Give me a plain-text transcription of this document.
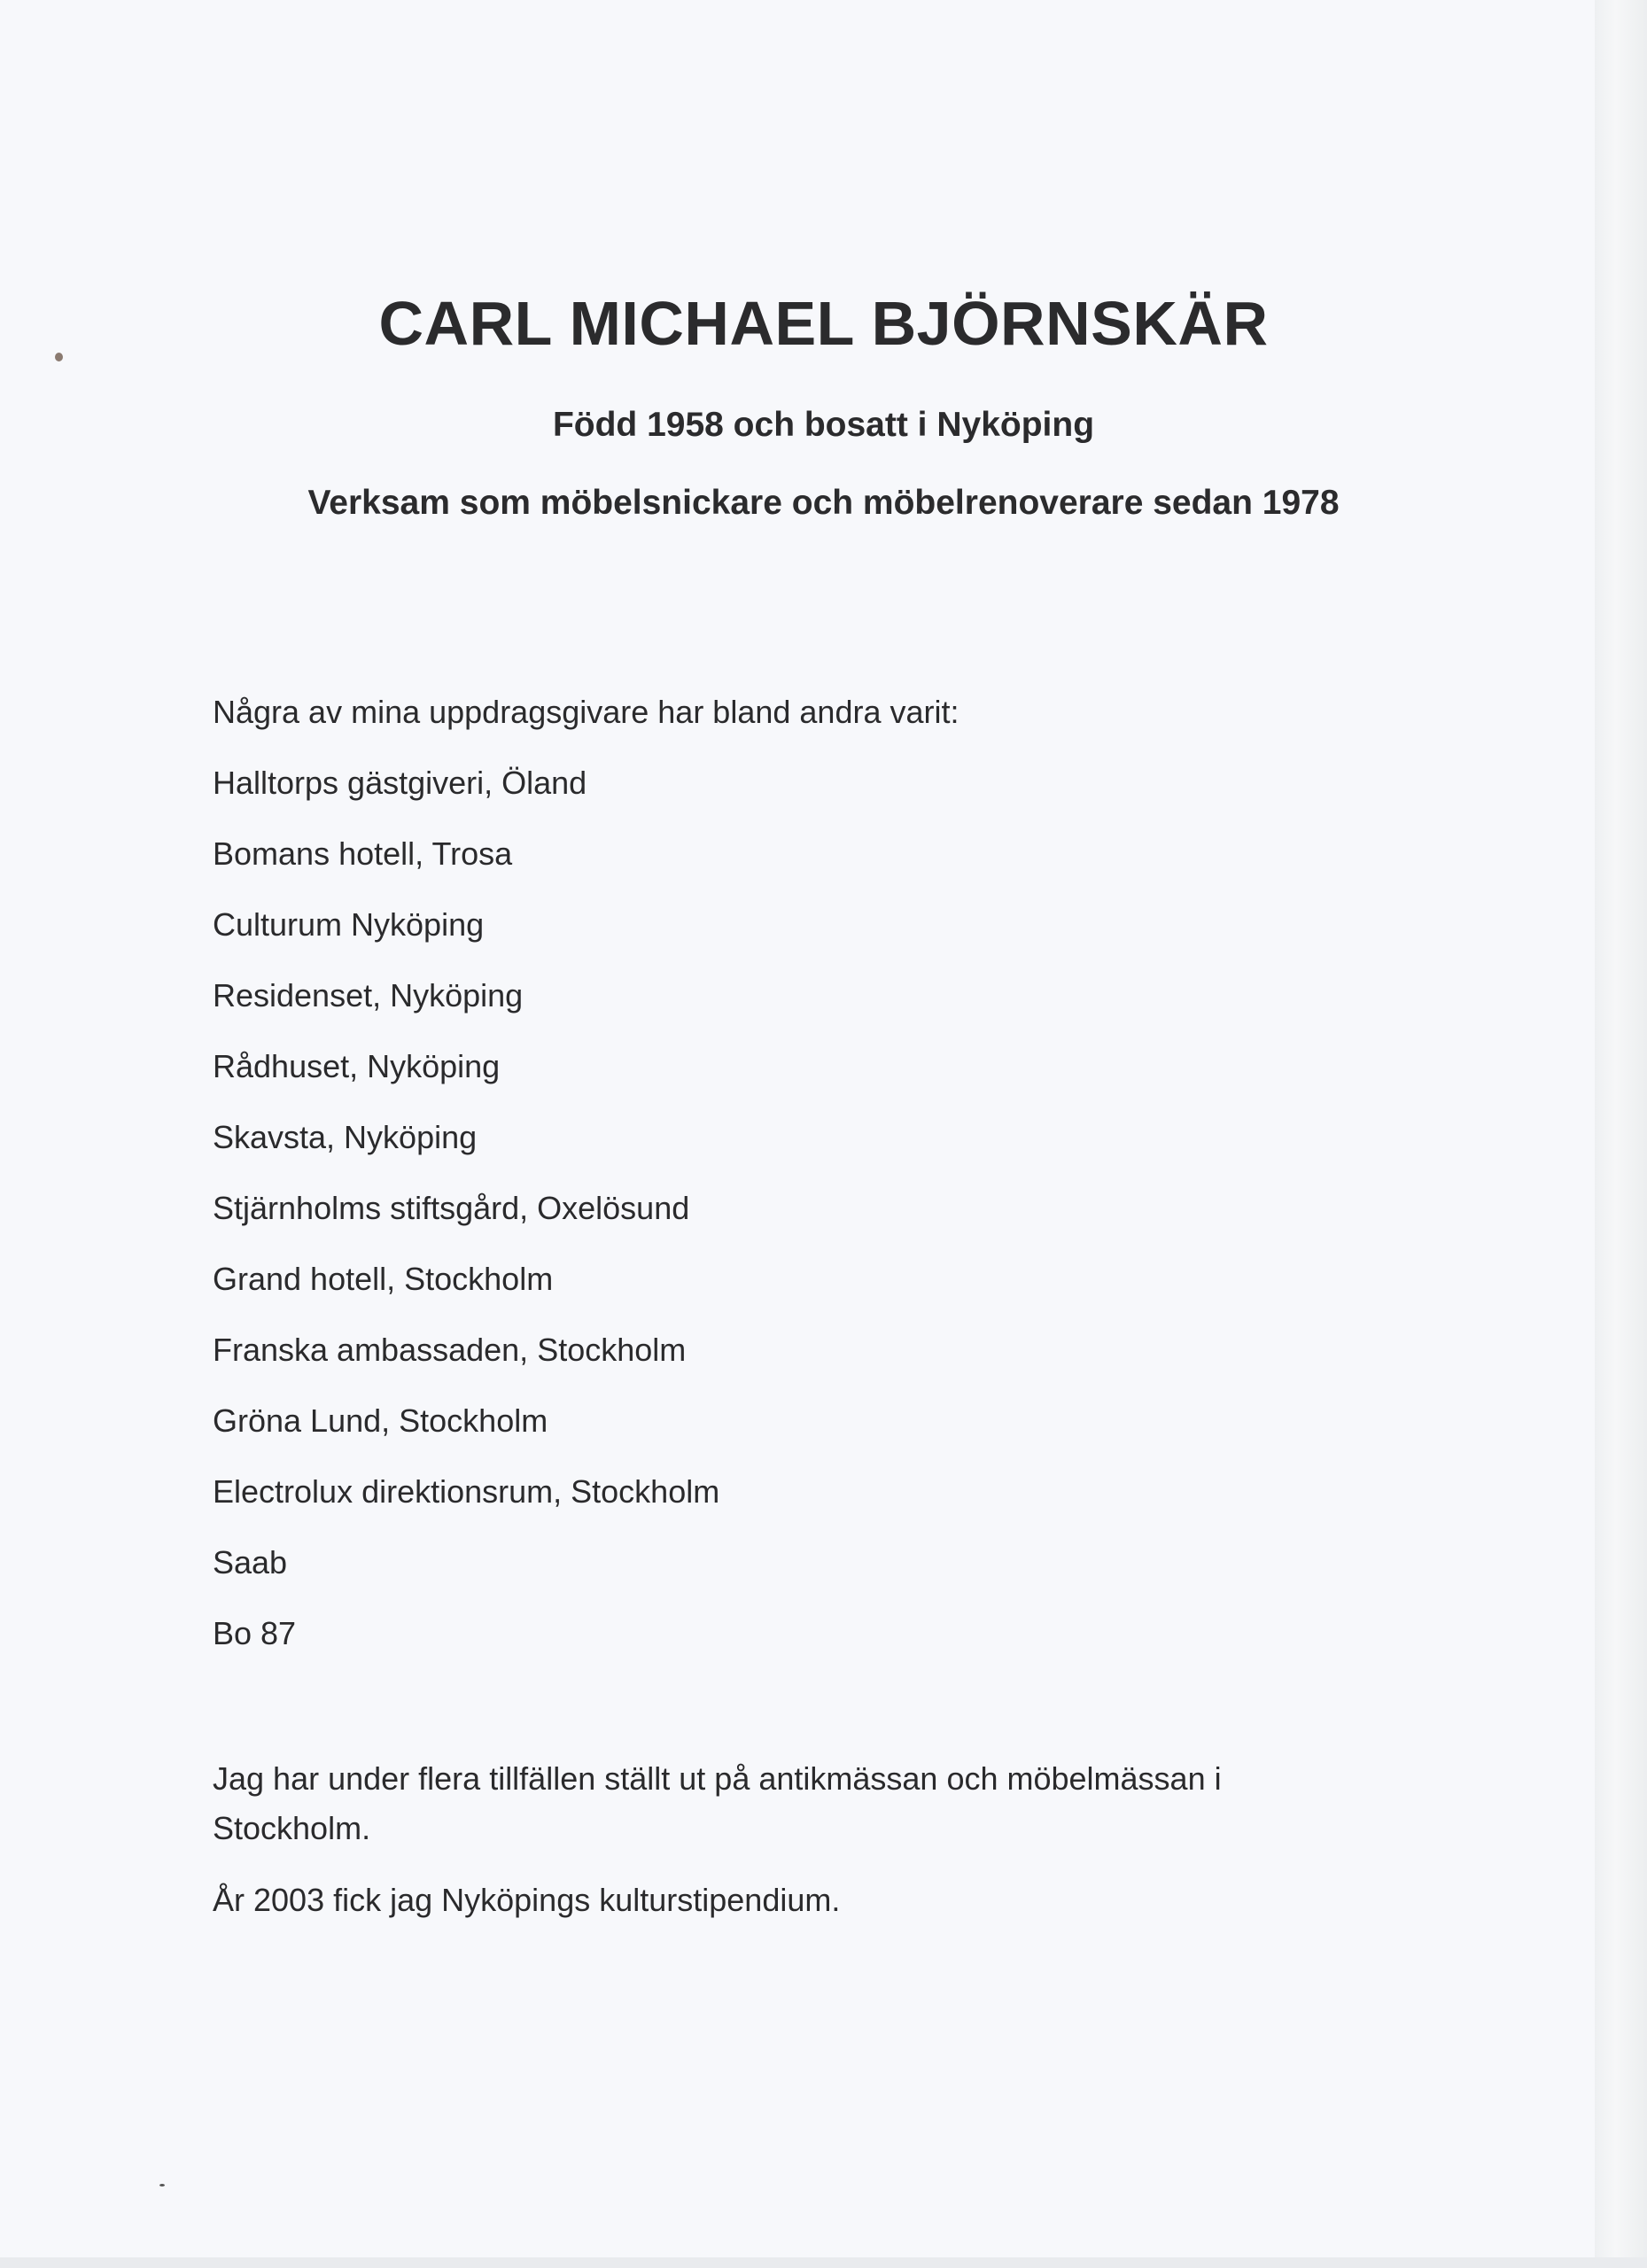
CARL MICHAEL BJÖRNSKÄR
Född 1958 och bosatt i Nyköping
Verksam som möbelsnickare och möbelrenoverare sedan 1978
Några av mina uppdragsgivare har bland andra varit:
Halltorps gästgiveri, Öland
Bomans hotell, Trosa
Culturum Nyköping
Residenset, Nyköping
Rådhuset, Nyköping
Skavsta, Nyköping
Stjärnholms stiftsgård, Oxelösund
Grand hotell, Stockholm
Franska ambassaden, Stockholm
Gröna Lund, Stockholm
Electrolux direktionsrum, Stockholm
Saab
Bo 87
Jag har under flera tillfällen ställt ut på antikmässan och möbelmässan i Stockholm.
År 2003 fick jag Nyköpings kulturstipendium.
